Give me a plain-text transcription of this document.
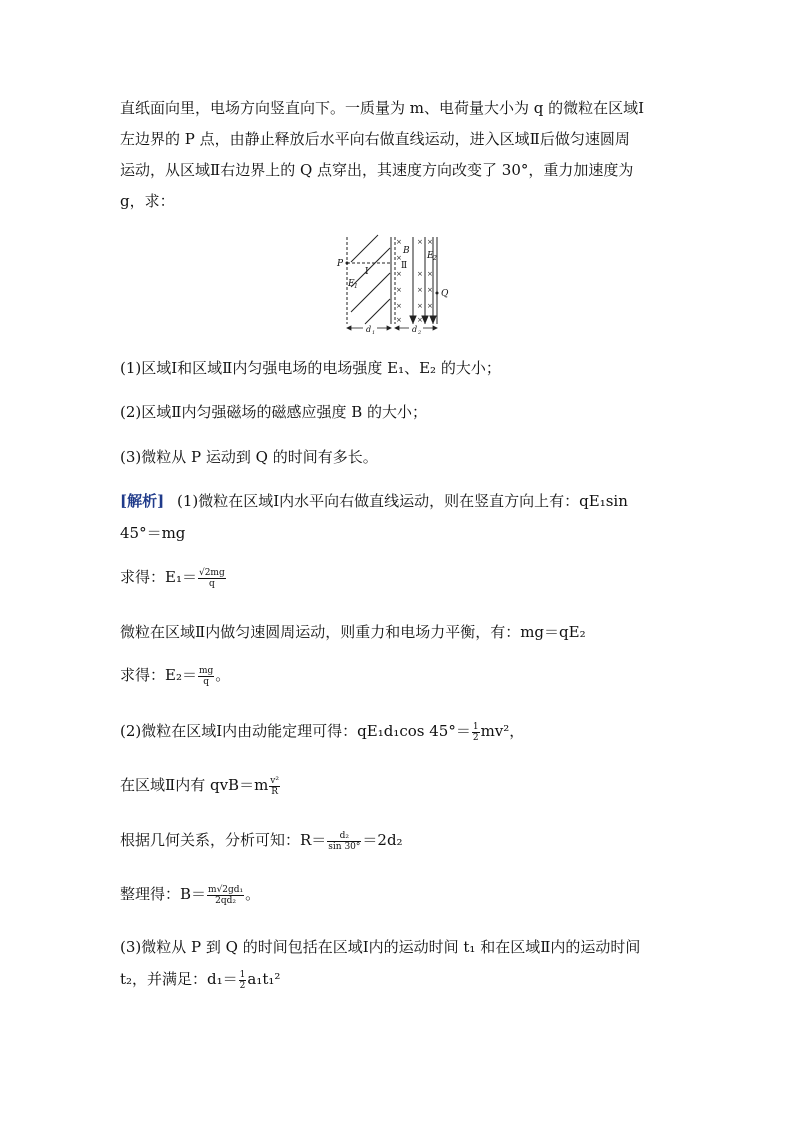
直纸面向里，电场方向竖直向下。一质量为 m、电荷量大小为 q 的微粒在区域Ⅰ
左边界的 P 点，由静止释放后水平向右做直线运动，进入区域Ⅱ后做匀速圆周
运动，从区域Ⅱ右边界上的 Q 点穿出，其速度方向改变了 30°，重力加速度为
g，求：
×
×
×
×
×
×
×
×
×
×
×
×
×
×
×
P
Q
E 1
B E 2
d 1	d 2
Ⅰ
Ⅱ
(1)区域Ⅰ和区域Ⅱ内匀强电场的电场强度 E₁、E₂ 的大小；
(2)区域Ⅱ内匀强磁场的磁感应强度 B 的大小；
(3)微粒从 P 运动到 Q 的时间有多长。
[解析] (1)微粒在区域Ⅰ内水平向右做直线运动，则在竖直方向上有：qE₁sin
45°＝mg
求得：$E_1= \frac{√2mg}{q}$
微粒在区域Ⅱ内做匀速圆周运动，则重力和电场力平衡，有：mg＝qE₂
求得：$E_2= \frac{mg}{q}$ 。
(2)微粒在区域Ⅰ内由动能定理可得：qE₁d₁cos $45^\circ= \frac{1}{2} mv^2$，
在区域Ⅱ内有 $qvB=m \frac{\text{v²}}{R}$
根据几何关系，分析可知：$R= \frac{\text{d₂}}{\sin 30^\circ} =2d_2$
整理得：$B= \frac{\text{m√2gd₁}}{\text{2qd₂}}$ 。
(3)微粒从 P 到 Q 的时间包括在区域Ⅰ内的运动时间 t₁ 和在区域Ⅱ内的运动时间
t₂，并满足：$d_1= \frac{1}{2} a_1t_1^2$
